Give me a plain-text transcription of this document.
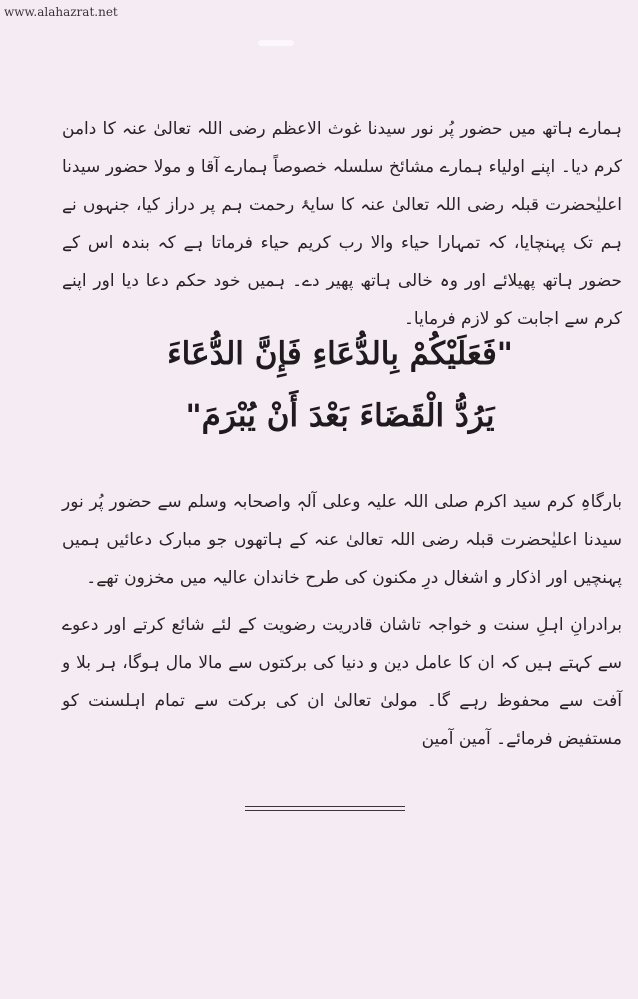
www.alahazrat.net

ہمارے ہاتھ میں حضور پُر نور سیدنا غوث الاعظم رضی اللہ تعالیٰ عنہ کا دامن کرم دیا۔ اپنے اولیاء ہمارے مشائخ سلسلہ خصوصاً ہمارے آقا و مولا حضور سیدنا اعلیٰحضرت قبلہ رضی اللہ تعالیٰ عنہ کا سایۂ رحمت ہم پر دراز کیا، جنہوں نے ہم تک پہنچایا، کہ تمہارا حیاء والا رب کریم حیاء فرماتا ہے کہ بندہ اس کے حضور ہاتھ پھیلائے اور وہ خالی ہاتھ پھیر دے۔ ہمیں خود حکم دعا دیا اور اپنے کرم سے اجابت کو لازم فرمایا۔

"فَعَلَيْكُمْ بِالدُّعَاءِ فَإِنَّ الدُّعَاءَ
يَرُدُّ الْقَضَاءَ بَعْدَ أَنْ يُبْرَمَ"

بارگاہِ کرم سید اکرم صلی اللہ علیہ وعلی آلہٖ واصحابہ وسلم سے حضور پُر نور سیدنا اعلیٰحضرت قبلہ رضی اللہ تعالیٰ عنہ کے ہاتھوں جو مبارک دعائیں ہمیں پہنچیں اور اذکار و اشغال درِ مکنون کی طرح خاندان عالیہ میں مخزون تھے۔

برادرانِ اہلِ سنت و خواجہ تاشان قادریت رضویت کے لئے شائع کرتے اور دعوے سے کہتے ہیں کہ ان کا عامل دین و دنیا کی برکتوں سے مالا مال ہوگا، ہر بلا و آفت سے محفوظ رہے گا۔ مولیٰ تعالیٰ ان کی برکت سے تمام اہلسنت کو مستفیض فرمائے۔ آمین آمین
